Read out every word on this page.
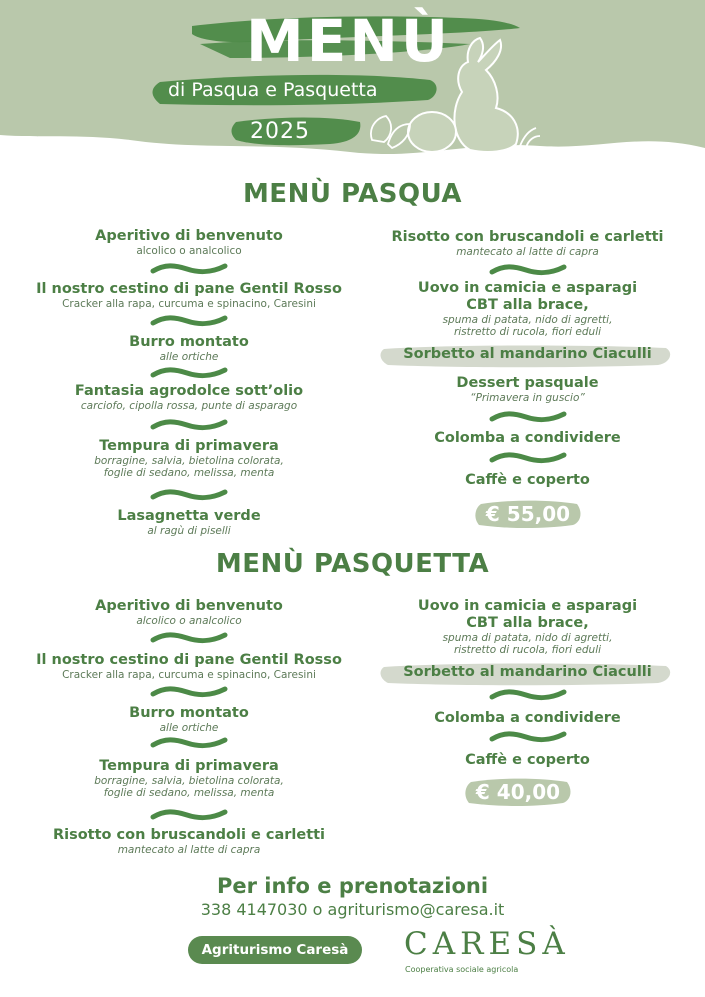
MENÙ
di Pasqua e Pasquetta
2025
MENÙ PASQUA
Aperitivo di benvenuto
alcolico o analcolico
Il nostro cestino di pane Gentil Rosso
Cracker alla rapa, curcuma e spinacino, Caresini
Burro montato
alle ortiche
Fantasia agrodolce sott’olio
carciofo, cipolla rossa, punte di asparago
Tempura di primavera
borragine, salvia, bietolina colorata,
foglie di sedano, melissa, menta
Lasagnetta verde
al ragù di piselli
Risotto con bruscandoli e carletti
mantecato al latte di capra
Uovo in camicia e asparagi
CBT alla brace,
spuma di patata, nido di agretti,
ristretto di rucola, fiori eduli
Sorbetto al mandarino Ciaculli
Dessert pasquale
“Primavera in guscio”
Colomba a condividere
Caffè e coperto
€ 55,00
MENÙ PASQUETTA
Aperitivo di benvenuto
alcolico o analcolico
Il nostro cestino di pane Gentil Rosso
Cracker alla rapa, curcuma e spinacino, Caresini
Burro montato
alle ortiche
Tempura di primavera
borragine, salvia, bietolina colorata,
foglie di sedano, melissa, menta
Risotto con bruscandoli e carletti
mantecato al latte di capra
Uovo in camicia e asparagi
CBT alla brace,
spuma di patata, nido di agretti,
ristretto di rucola, fiori eduli
Sorbetto al mandarino Ciaculli
Colomba a condividere
Caffè e coperto
€ 40,00
Per info e prenotazioni
338 4147030 o agriturismo@caresa.it
Agriturismo Caresà	CARESÀ
Cooperativa sociale agricola
